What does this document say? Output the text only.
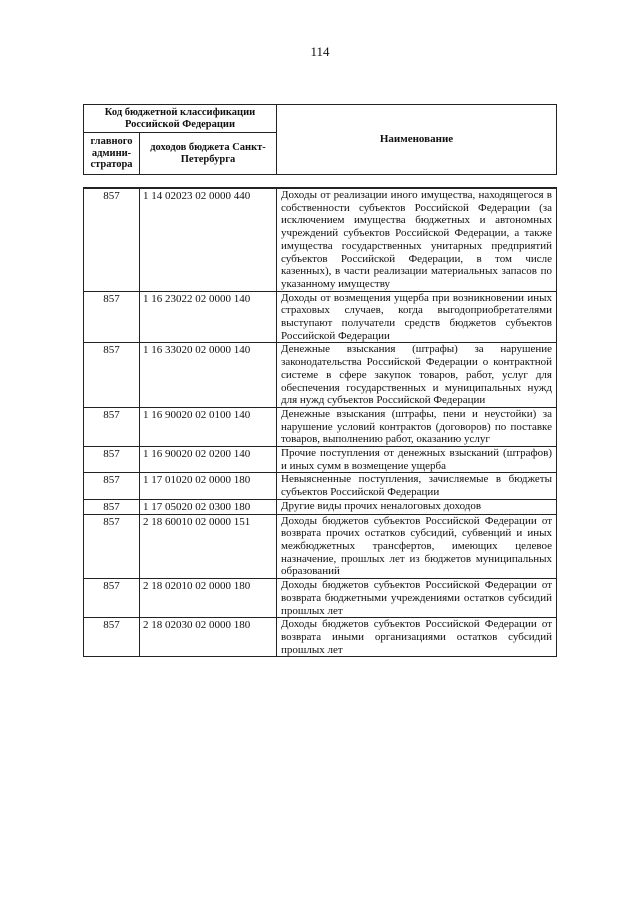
114
Код бюджетной классификации Российской Федерации		Наименование
главного админи-стратора	доходов бюджета Санкт-Петербурга	
857	1 14 02023 02 0000 440	Доходы от реализации иного имущества, находящегося в собственности субъектов Российской Федерации (за исключением имущества бюджетных и автономных учреждений субъектов Российской Федерации, а также имущества государственных унитарных предприятий субъектов Российской Федерации, в том числе казенных), в части реализации материальных запасов по указанному имуществу
857	1 16 23022 02 0000 140	Доходы от возмещения ущерба при возникновении иных страховых случаев, когда выгодоприобретателями выступают получатели средств бюджетов субъектов Российской Федерации
857	1 16 33020 02 0000 140	Денежные взыскания (штрафы) за нарушение законодательства Российской Федерации о контрактной системе в сфере закупок товаров, работ, услуг для обеспечения государственных и муниципальных нужд для нужд субъектов Российской Федерации
857	1 16 90020 02 0100 140	Денежные взыскания (штрафы, пени и неустойки) за нарушение условий контрактов (договоров) по поставке товаров, выполнению работ, оказанию услуг
857	1 16 90020 02 0200 140	Прочие поступления от денежных взысканий (штрафов) и иных сумм в возмещение ущерба
857	1 17 01020 02 0000 180	Невыясненные поступления, зачисляемые в бюджеты субъектов Российской Федерации
857	1 17 05020 02 0300 180	Другие виды прочих неналоговых доходов
857	2 18 60010 02 0000 151	Доходы бюджетов субъектов Российской Федерации от возврата прочих остатков субсидий, субвенций и иных межбюджетных трансфертов, имеющих целевое назначение, прошлых лет из бюджетов муниципальных образований
857	2 18 02010 02 0000 180	Доходы бюджетов субъектов Российской Федерации от возврата бюджетными учреждениями остатков субсидий прошлых лет
857	2 18 02030 02 0000 180	Доходы бюджетов субъектов Российской Федерации от возврата иными организациями остатков субсидий прошлых лет
